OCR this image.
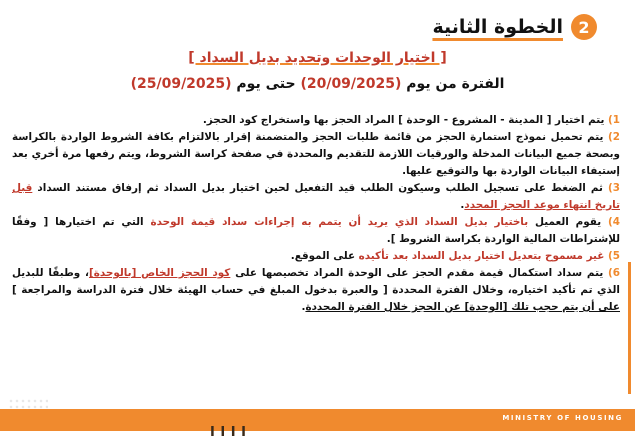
2
الخطوة الثانية
[ اختيار الوحدات وتحديد بديل السداد ]
الفترة من يوم (20/09/2025) حتى يوم (25/09/2025)

1) يتم اختيار [ المدينة - المشروع - الوحدة ] المراد الحجز بها واستخراج كود الحجز.

2) يتم تحميل نموذج استمارة الحجز من قائمة طلبات الحجز والمتضمنة إقرار بالالتزام بكافة الشروط الواردة بالكراسة وبصحة جميع البيانات المدخلة والورقيات اللازمة للتقديم والمحددة في صفحة كراسة الشروط، ويتم رفعها مرة أخري بعد إستيفاء البيانات الواردة بها والتوقيع عليها.

3) ثم الضغط على تسجيل الطلب وسيكون الطلب قيد التفعيل لحين اختيار بديل السداد ثم إرفاق مستند السداد قبل تاريخ انتهاء موعد الحجز المحدد.

4) يقوم العميل باختيار بديل السداد الذي يريد أن يتمم به إجراءات سداد قيمة الوحدة التي تم اختيارها [ وفقًا للإشتراطات المالية الواردة بكراسة الشروط ].

5) غير مسموح بتعديل اختيار بديل السداد بعد تأكيده على الموقع.

6) يتم سداد استكمال قيمة مقدم الحجز على الوحدة المراد تخصيصها على كود الحجز الخاص [بالوحدة]، وطبقًا للبديل الذي تم تأكيد اختياره، وخلال الفترة المحددة [ والعبرة بدخول المبلغ في حساب الهيئة خلال فترة الدراسة والمراجعة ] على أن يتم حجب تلك [الوحدة] عن الحجز خلال الفترة المحددة.

MINISTRY OF HOUSING
I I I I
